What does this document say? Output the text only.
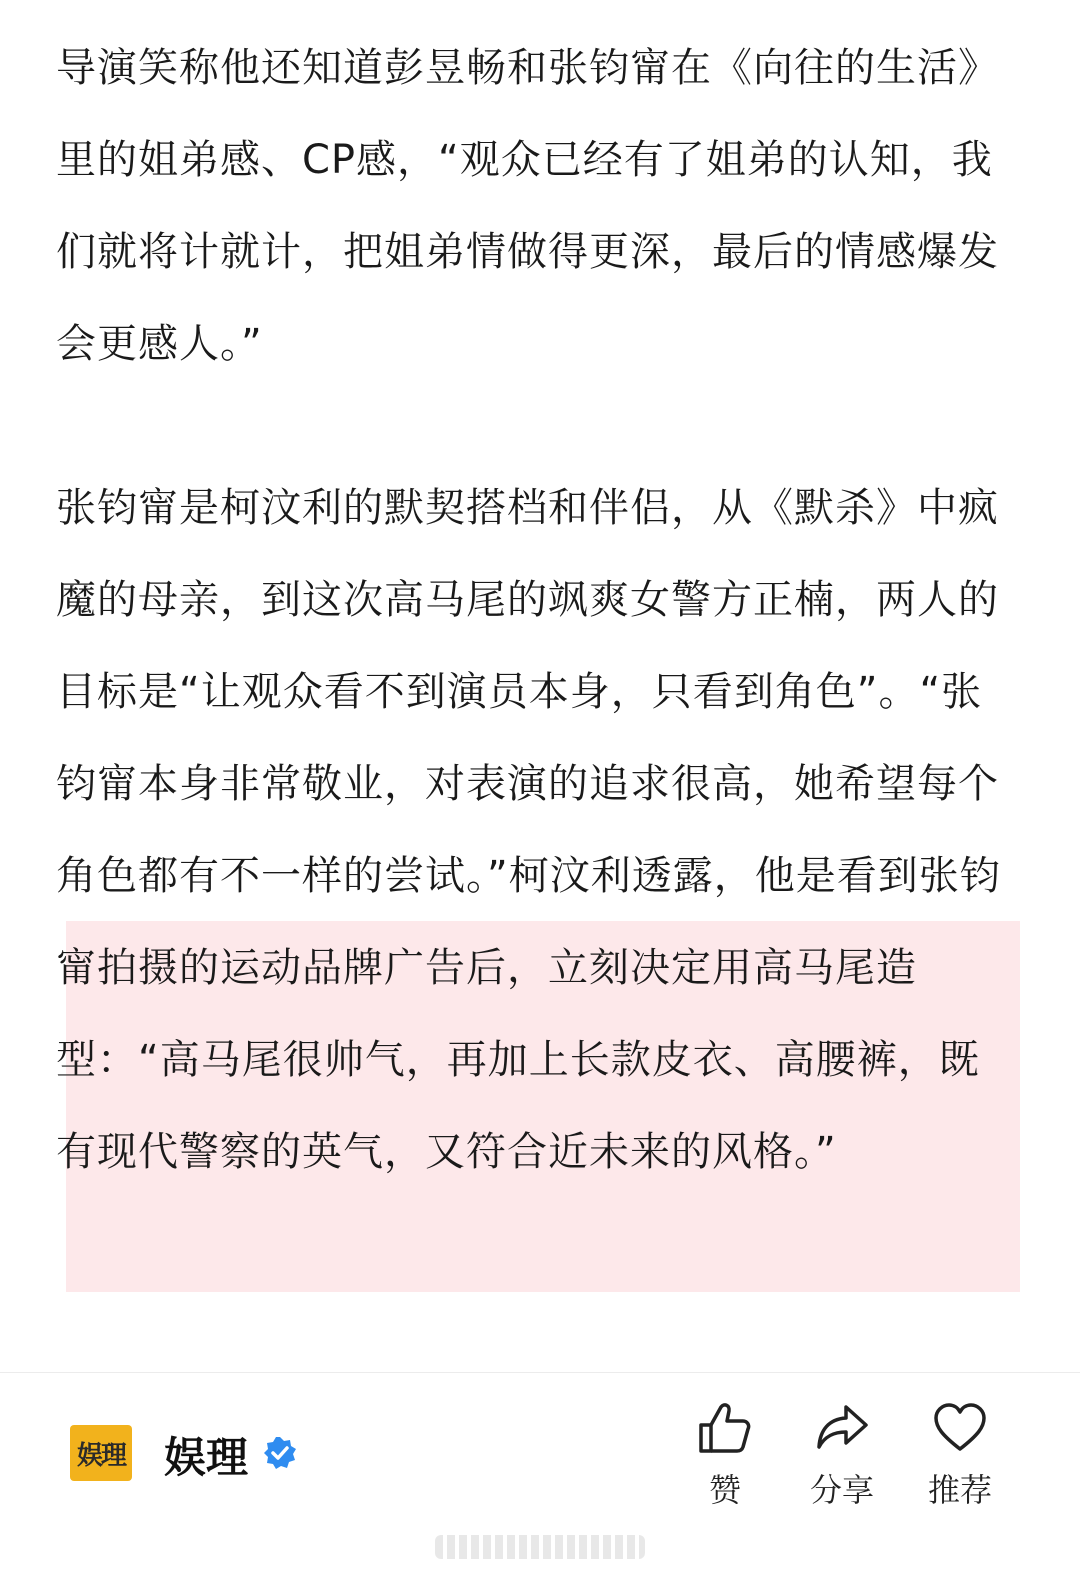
导演笑称他还知道彭昱畅和张钧甯在《向往的生活》里的姐弟感、CP感，“观众已经有了姐弟的认知，我们就将计就计，把姐弟情做得更深，最后的情感爆发会更感人。”

张钧甯是柯汶利的默契搭档和伴侣，从《默杀》中疯魔的母亲，到这次高马尾的飒爽女警方正楠，两人的目标是“让观众看不到演员本身，只看到角色”。“张钧甯本身非常敬业，对表演的追求很高，她希望每个角色都有不一样的尝试。”柯汶利透露，他是看到张钧甯拍摄的运动品牌广告后，立刻决定用高马尾造型：“高马尾很帅气，再加上长款皮衣、高腰裤，既有现代警察的英气，又符合近未来的风格。”

娱理 娱理
赞	分享	推荐
